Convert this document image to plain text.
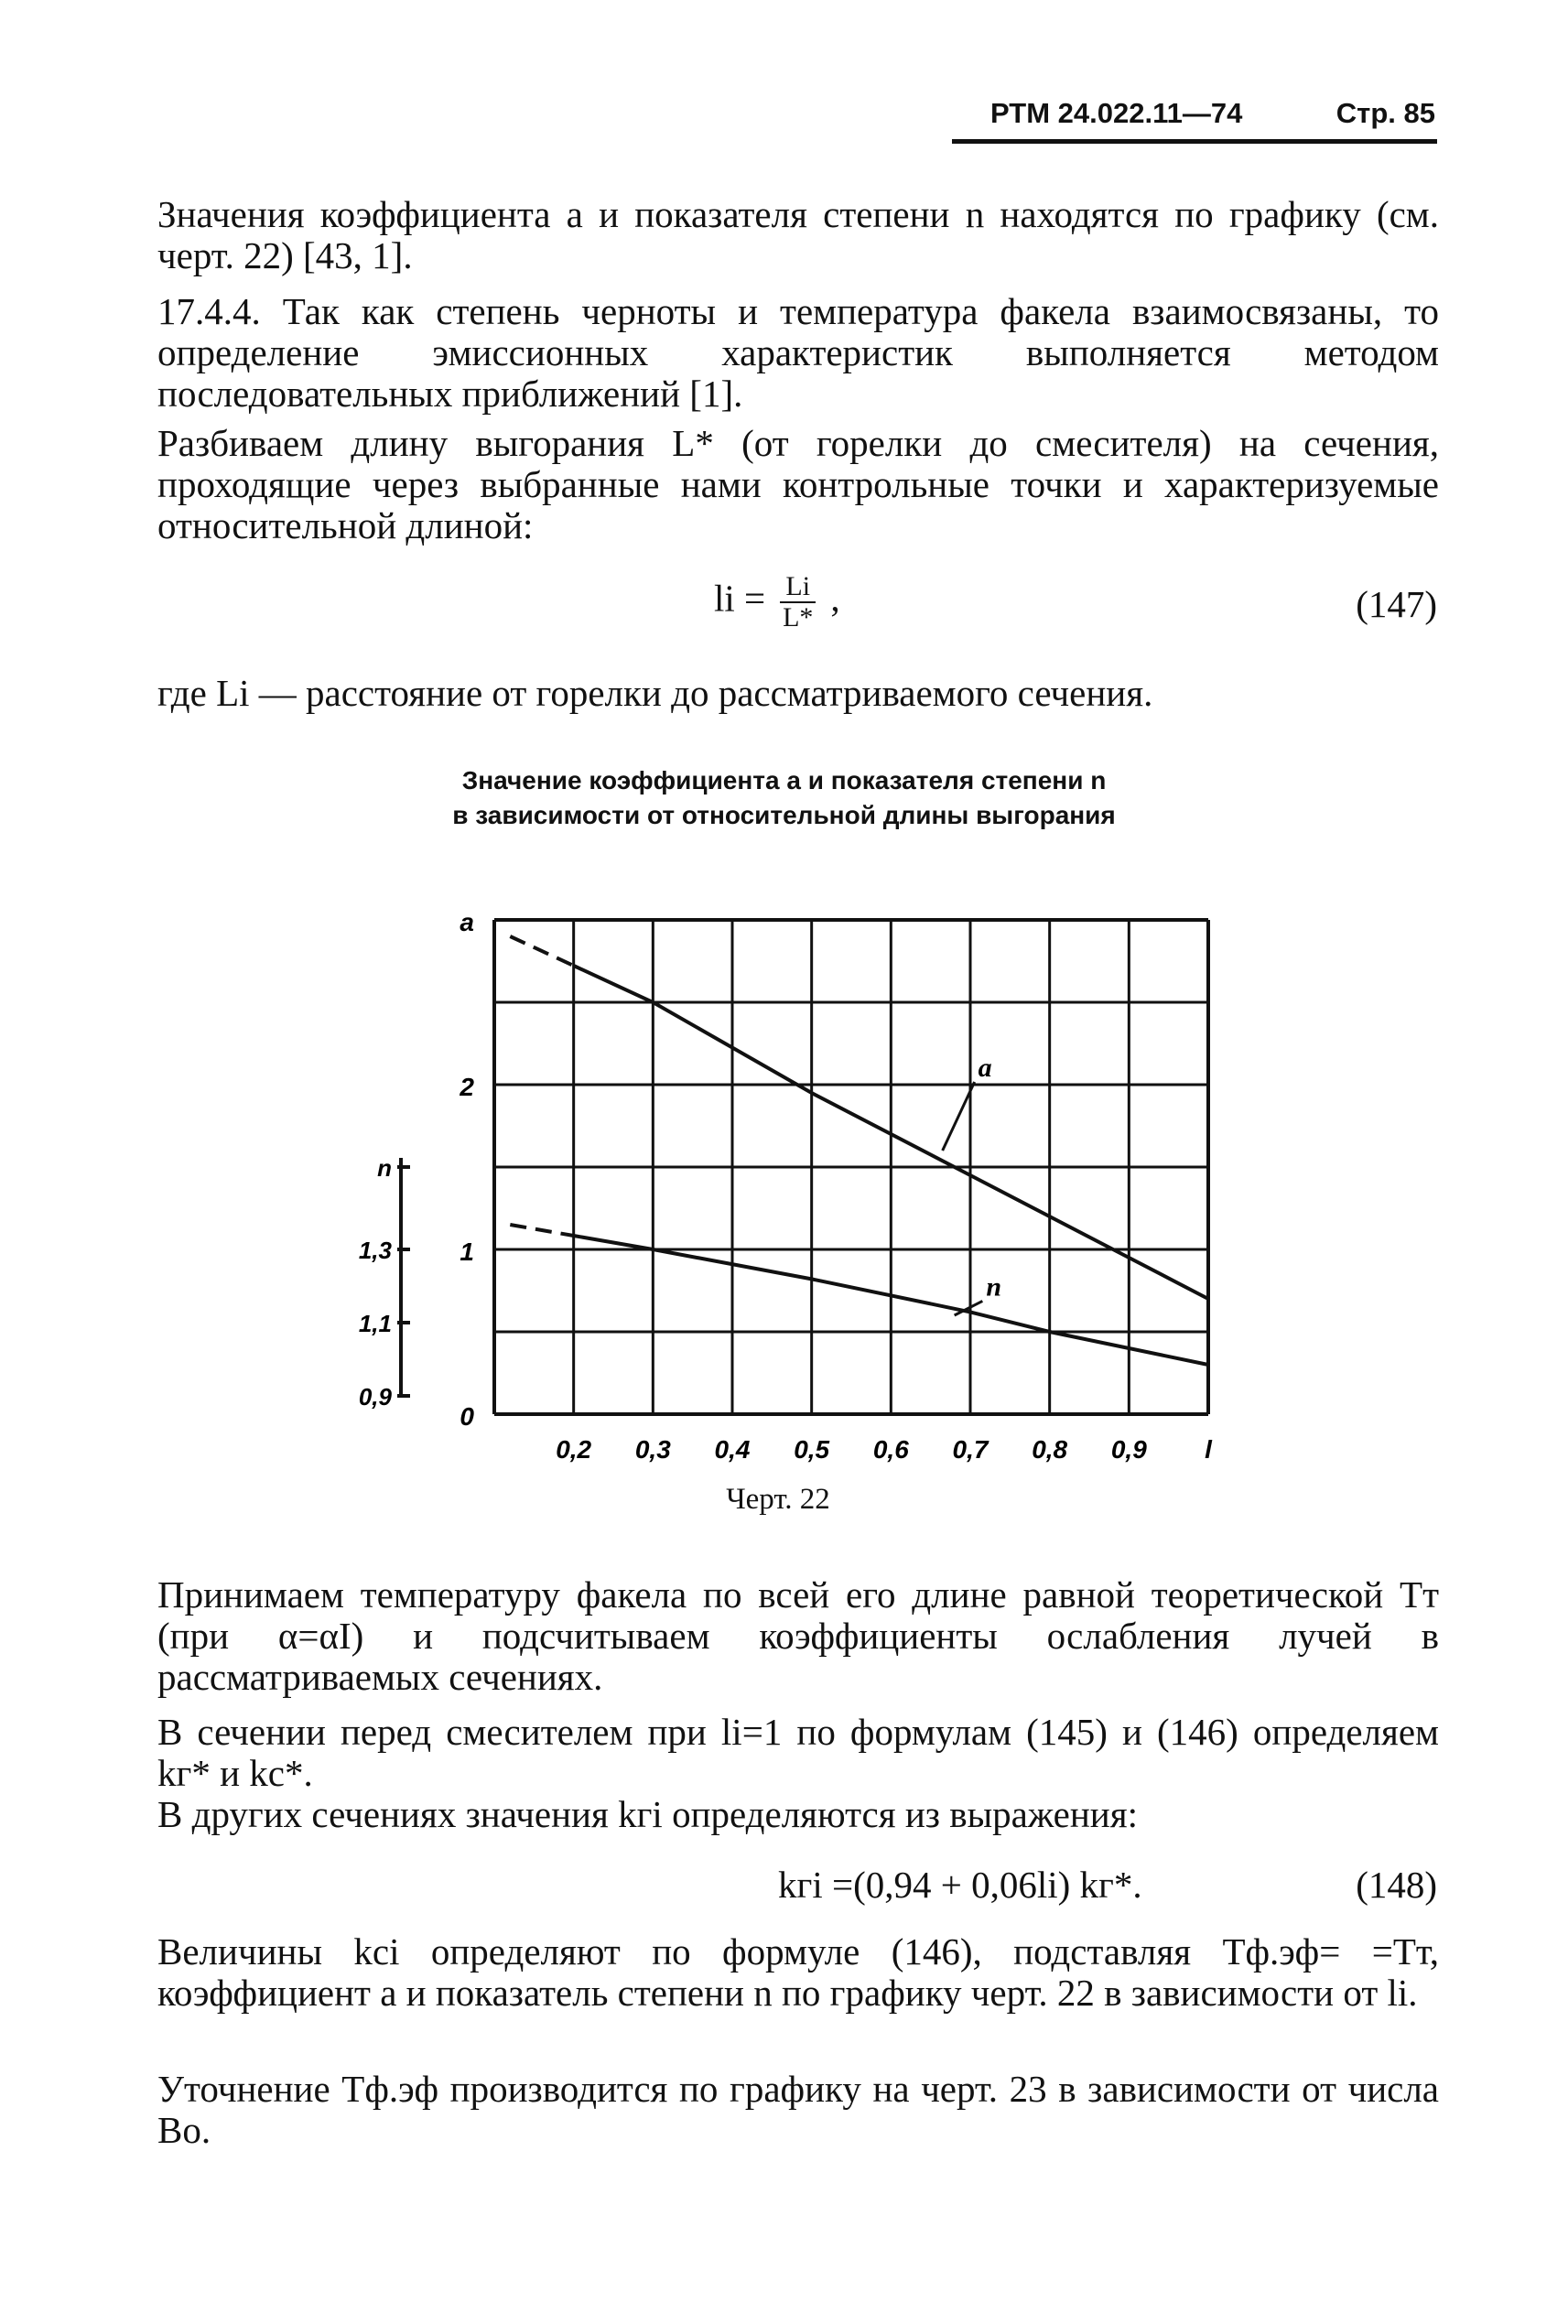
РТМ 24.022.11—74	Стр. 85

Значения коэффициента a и показателя степени n находятся по графику (см. черт. 22) [43, 1].

17.4.4. Так как степень черноты и температура факела взаимосвязаны, то определение эмиссионных характеристик выполняется методом последовательных приближений [1].

Разбиваем длину выгорания L* (от горелки до смесителя) на сечения, проходящие через выбранные нами контрольные точки и характеризуемые относительной длиной:

li = $\frac{Li}{L*}$ ,	(147)

где Li — расстояние от горелки до рассматриваемого сечения.

Значение коэффициента a и показателя степени n
в зависимости от относительной длины выгорания
0,2 0,3 0,4 0,5 0,6 0,7 0,8 0,9 l
0
1
2
a
0,9
1,1
1,3
n
a
n
Черт. 22

Принимаем температуру факела по всей его длине равной теоретической Tт (при α=αI) и подсчитываем коэффициенты ослабления лучей в рассматриваемых сечениях.

В сечении перед смесителем при li=1 по формулам (145) и (146) определяем kг* и kс*.

В других сечениях значения kгi определяются из выражения:

kгi =(0,94 + 0,06li) kг*.	(148)

Величины kсi определяют по формуле (146), подставляя Tф.эф= =Tт, коэффициент a и показатель степени n по графику черт. 22 в зависимости от li.

Уточнение Tф.эф производится по графику на черт. 23 в зависимости от числа Bo.
